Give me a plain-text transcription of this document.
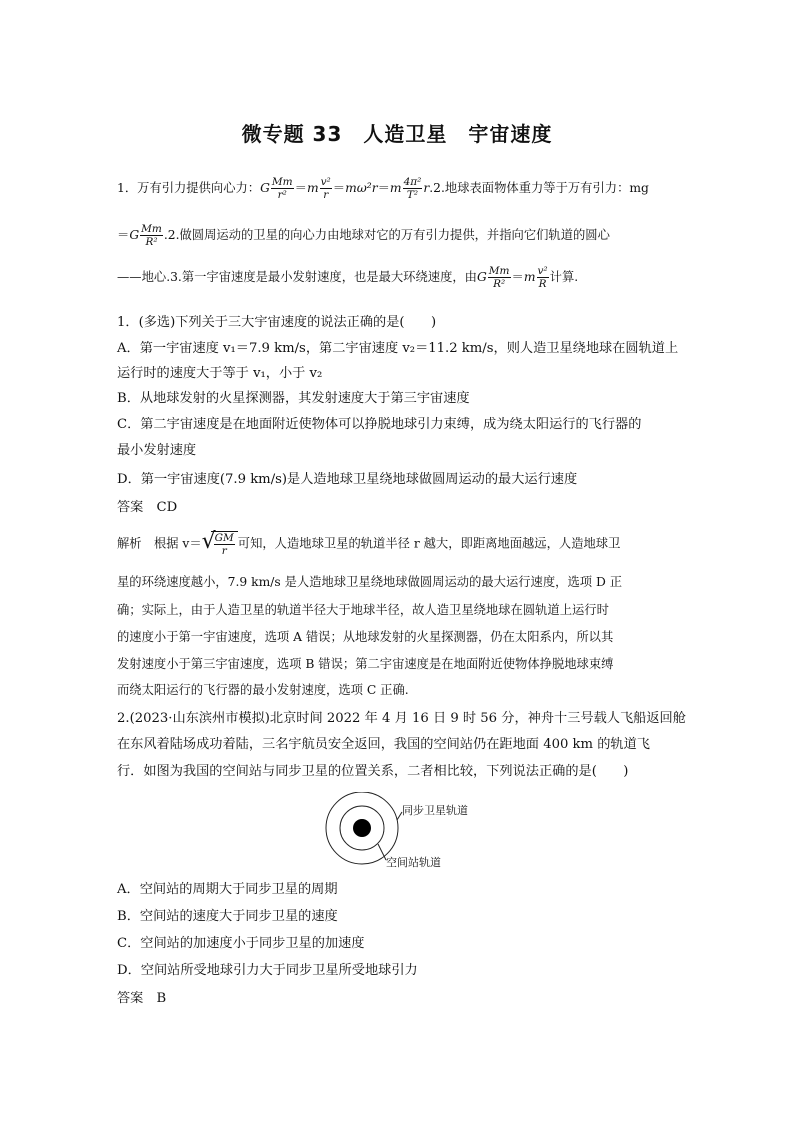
微专题 33　人造卫星　宇宙速度
1．万有引力提供向心力：G $\frac{Mm}{\text{r²}} =m \frac{\text{v²}}{r} =m\omega^2r=m \frac{\text{4π²}}{\text{T²}} r.2$.地球表面物体重力等于万有引力：mg
$=G \frac{Mm}{\text{R²}} .2$.做圆周运动的卫星的向心力由地球对它的万有引力提供，并指向它们轨道的圆心
——地心.3.第一宇宙速度是最小发射速度，也是最大环绕速度，由G $\frac{Mm}{\text{R²}} =m \frac{\text{v²}}{R}$ 计算.
1．(多选)下列关于三大宇宙速度的说法正确的是(　　)
A．第一宇宙速度 v₁＝7.9 km/s，第二宇宙速度 v₂＝11.2 km/s，则人造卫星绕地球在圆轨道上
运行时的速度大于等于 v₁，小于 v₂
B．从地球发射的火星探测器，其发射速度大于第三宇宙速度
C．第二宇宙速度是在地面附近使物体可以挣脱地球引力束缚，成为绕太阳运行的飞行器的
最小发射速度
D．第一宇宙速度(7.9 km/s)是人造地球卫星绕地球做圆周运动的最大运行速度
答案　CD
解析　根据 v＝ √
$\frac{GM}{r}$ 可知，人造地球卫星的轨道半径 r 越大，即距离地面越远，人造地球卫
星的环绕速度越小，7.9 km/s 是人造地球卫星绕地球做圆周运动的最大运行速度，选项 D 正
确；实际上，由于人造卫星的轨道半径大于地球半径，故人造卫星绕地球在圆轨道上运行时
的速度小于第一宇宙速度，选项 A 错误；从地球发射的火星探测器，仍在太阳系内，所以其
发射速度小于第三宇宙速度，选项 B 错误；第二宇宙速度是在地面附近使物体挣脱地球束缚
而绕太阳运行的飞行器的最小发射速度，选项 C 正确.
2.(2023·山东滨州市模拟)北京时间 2022 年 4 月 16 日 9 时 56 分，神舟十三号载人飞船返回舱
在东风着陆场成功着陆，三名宇航员安全返回，我国的空间站仍在距地面 400 km 的轨道飞
行．如图为我国的空间站与同步卫星的位置关系，二者相比较，下列说法正确的是(　　)
同步卫星轨道
空间站轨道
A．空间站的周期大于同步卫星的周期
B．空间站的速度大于同步卫星的速度
C．空间站的加速度小于同步卫星的加速度
D．空间站所受地球引力大于同步卫星所受地球引力
答案　B
